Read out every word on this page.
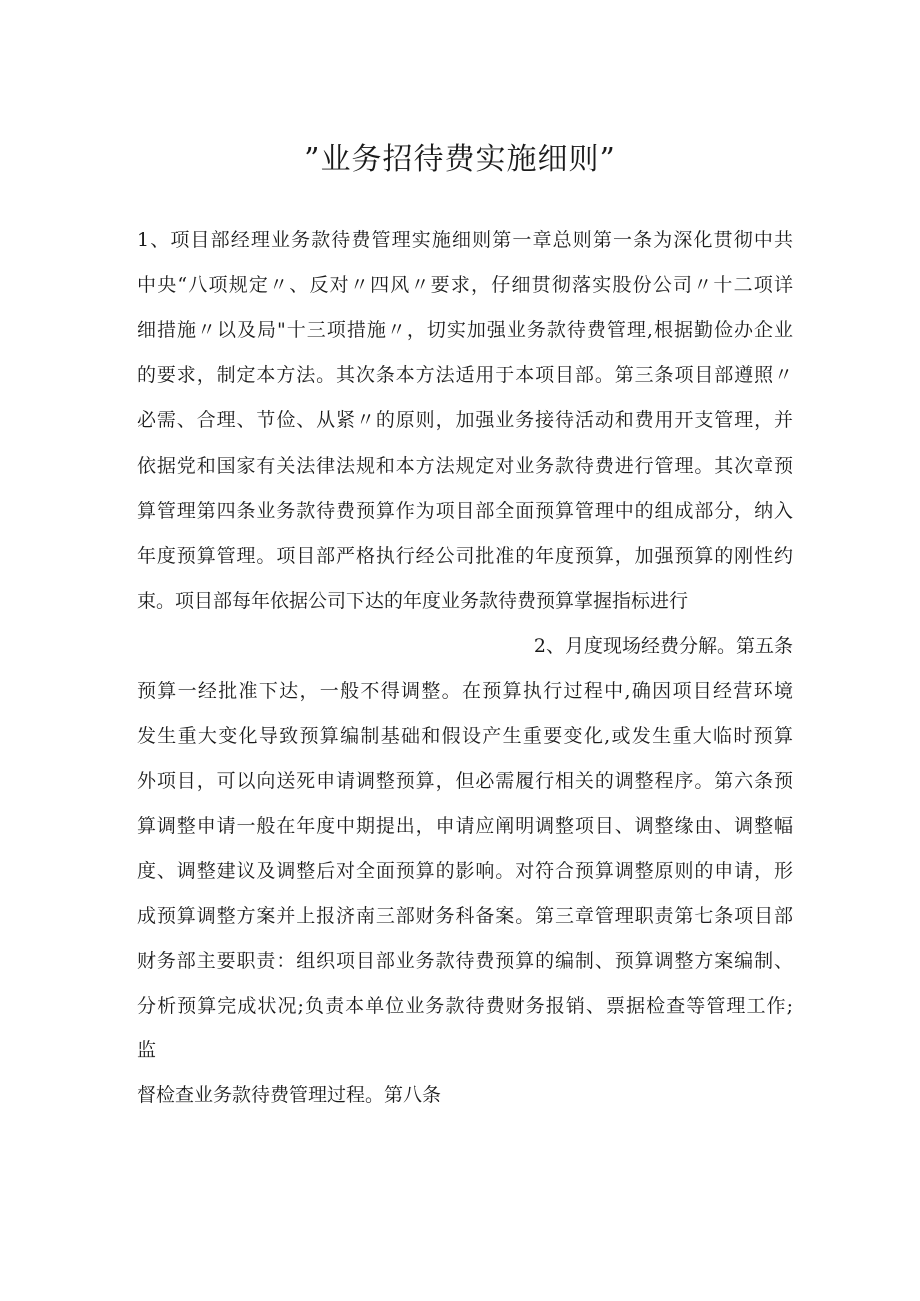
”业务招待费实施细则”
1、项目部经理业务款待费管理实施细则第一章总则第一条为深化贯彻中共
中央“八项规定〃、反对〃四风〃要求，仔细贯彻落实股份公司〃十二项详
细措施〃以及局"十三项措施〃，切实加强业务款待费管理,根据勤俭办企业
的要求，制定本方法。其次条本方法适用于本项目部。第三条项目部遵照〃
必需、合理、节俭、从紧〃的原则，加强业务接待活动和费用开支管理，并
依据党和国家有关法律法规和本方法规定对业务款待费进行管理。其次章预
算管理第四条业务款待费预算作为项目部全面预算管理中的组成部分，纳入
年度预算管理。项目部严格执行经公司批准的年度预算，加强预算的刚性约
束。项目部每年依据公司下达的年度业务款待费预算掌握指标进行
2、月度现场经费分解。第五条
预算一经批准下达，一般不得调整。在预算执行过程中,确因项目经营环境
发生重大变化导致预算编制基础和假设产生重要变化,或发生重大临时预算
外项目，可以向送死申请调整预算，但必需履行相关的调整程序。第六条预
算调整申请一般在年度中期提出，申请应阐明调整项目、调整缘由、调整幅
度、调整建议及调整后对全面预算的影响。对符合预算调整原则的申请，形
成预算调整方案并上报济南三部财务科备案。第三章管理职责第七条项目部
财务部主要职责：组织项目部业务款待费预算的编制、预算调整方案编制、
分析预算完成状况;负责本单位业务款待费财务报销、票据检查等管理工作;
监
督检查业务款待费管理过程。第八条
